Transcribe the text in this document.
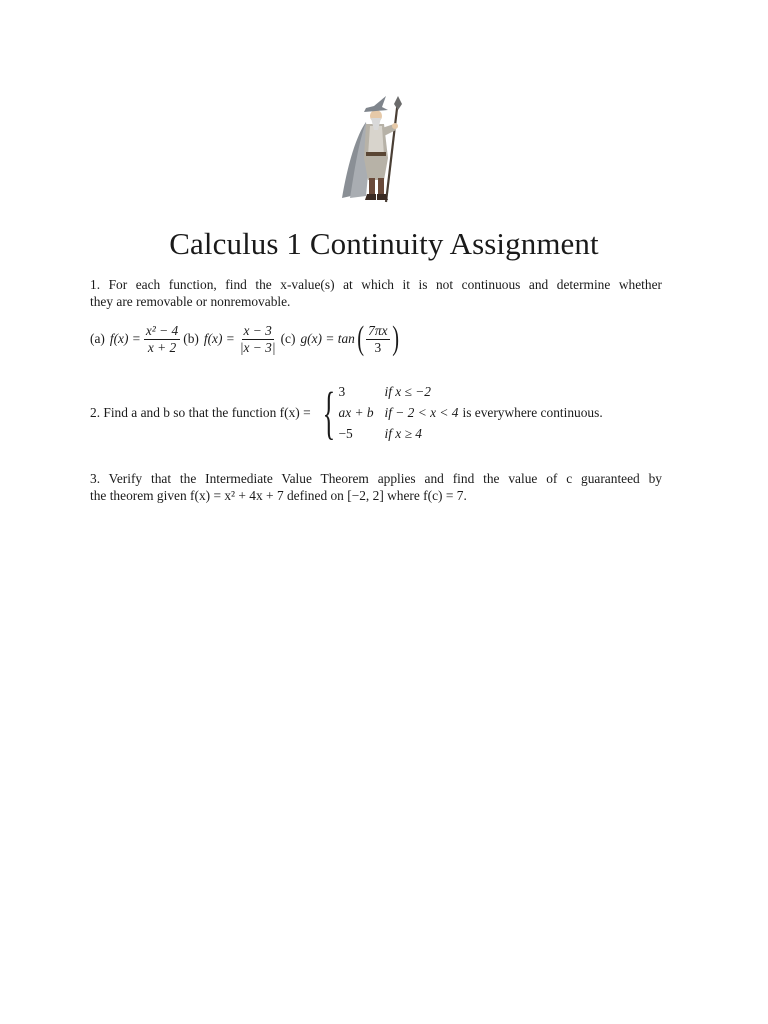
Calculus 1 Continuity Assignment
1. For each function, find the x-value(s) at which it is not continuous and determine whether
they are removable or nonremovable.
(a) $f(x) = \frac{\text{x² − 4}}{x + 2} (b) f(x) = \frac{x - 3}{|x - 3|} (c) g(x) = \tan$ ( $\frac{7\pi x}{3}$ )
2. Find a and b so that the function f(x) = { 3	if x ≤ −2
ax + b if − 2 < x < 4
−5	if x ≥ 4
is everywhere continuous.
3. Verify that the Intermediate Value Theorem applies and find the value of c guaranteed by
the theorem given f(x) = x² + 4x + 7 defined on [−2, 2] where f(c) = 7.
